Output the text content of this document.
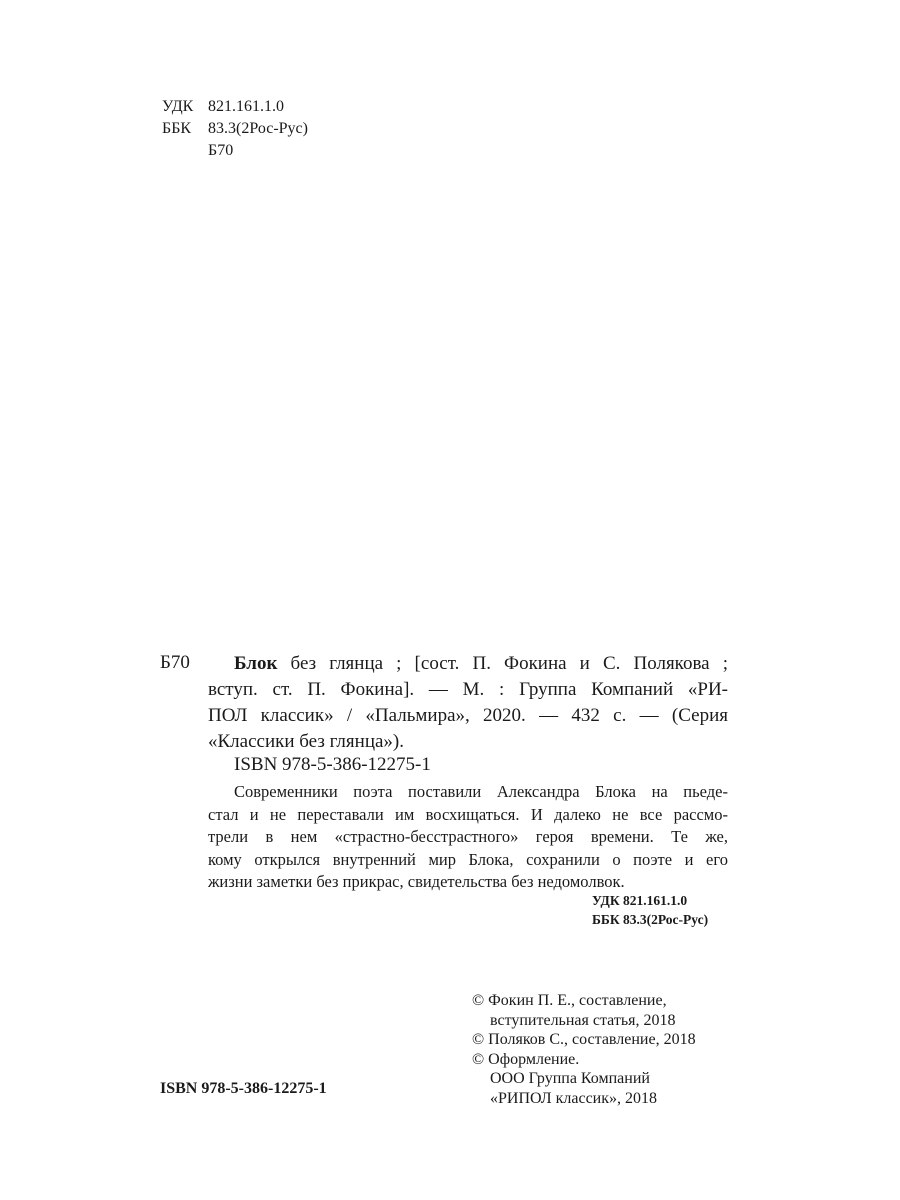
УДК 821.161.1.0
ББК 83.3(2Рос-Рус)
Б70
Б70	Блок без глянца ; [сост. П. Фокина и С. Полякова ;
вступ. ст. П. Фокина]. — М. : Группа Компаний «РИ-
ПОЛ классик» / «Пальмира», 2020. — 432 с. — (Серия
«Классики без глянца»).
ISBN 978-5-386-12275-1
Современники поэта поставили Александра Блока на пьеде-
стал и не переставали им восхищаться. И далеко не все рассмо-
трели в нем «страстно-бесстрастного» героя времени. Те же,
кому открылся внутренний мир Блока, сохранили о поэте и его
жизни заметки без прикрас, свидетельства без недомолвок.
УДК 821.161.1.0
ББК 83.3(2Рос-Рус)
© Фокин П. Е., составление,
вступительная статья, 2018
© Поляков С., составление, 2018
© Оформление.
ООО Группа Компаний
«РИПОЛ классик», 2018
ISBN 978-5-386-12275-1
